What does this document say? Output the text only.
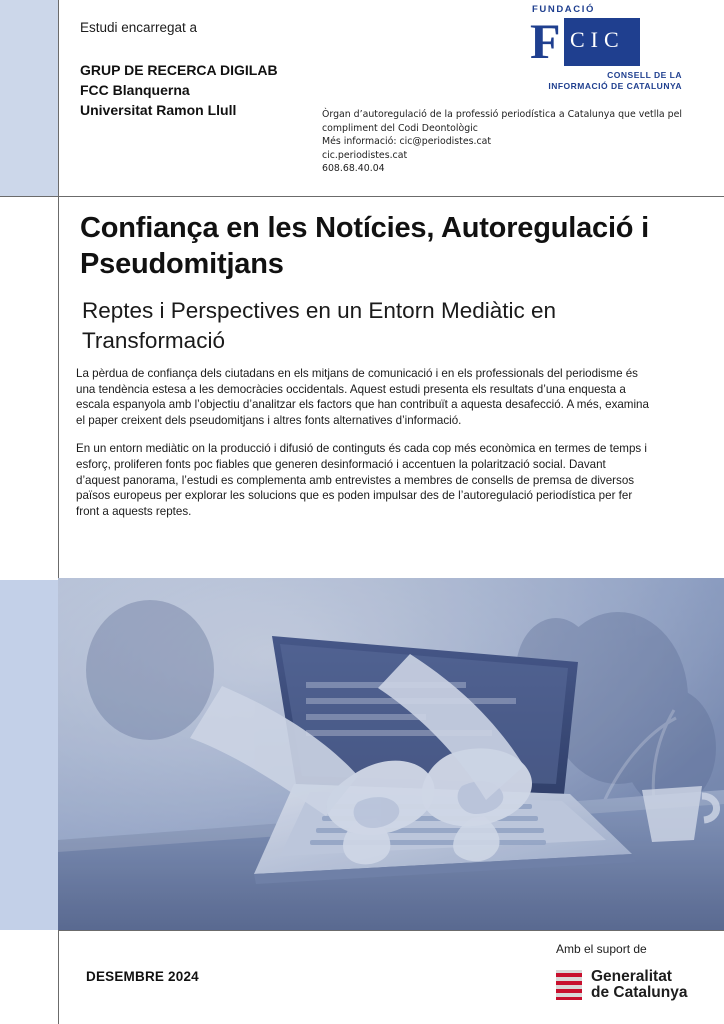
Estudi encarregat a
GRUP DE RECERCA DIGILAB
FCC Blanquerna
Universitat Ramon Llull
FUNDACIÓ
F CIC
CONSELL DE LA
INFORMACIÓ DE CATALUNYA
Òrgan d’autoregulació de la professió periodística a Catalunya que vetlla pel
compliment del Codi Deontològic
Més informació: cic@periodistes.cat
cic.periodistes.cat
608.68.40.04
Confiança en les Notícies, Autoregulació i Pseudomitjans
Reptes i Perspectives en un Entorn Mediàtic en Transformació

La pèrdua de confiança dels ciutadans en els mitjans de comunicació i en els professionals del periodisme és una tendència estesa a les democràcies occidentals. Aquest estudi presenta els resultats d’una enquesta a escala espanyola amb l’objectiu d’analitzar els factors que han contribuït a aquesta desafecció. A més, examina el paper creixent dels pseudomitjans i altres fonts alternatives d’informació.

En un entorn mediàtic on la producció i difusió de continguts és cada cop més econòmica en termes de temps i esforç, proliferen fonts poc fiables que generen desinformació i accentuen la polarització social. Davant d’aquest panorama, l’estudi es complementa amb entrevistes a membres de consells de premsa de diversos països europeus per explorar les solucions que es poden impulsar des de l’autoregulació periodística per fer front a aquests reptes.

DESEMBRE 2024
Amb el suport de
Generalitat
de Catalunya
